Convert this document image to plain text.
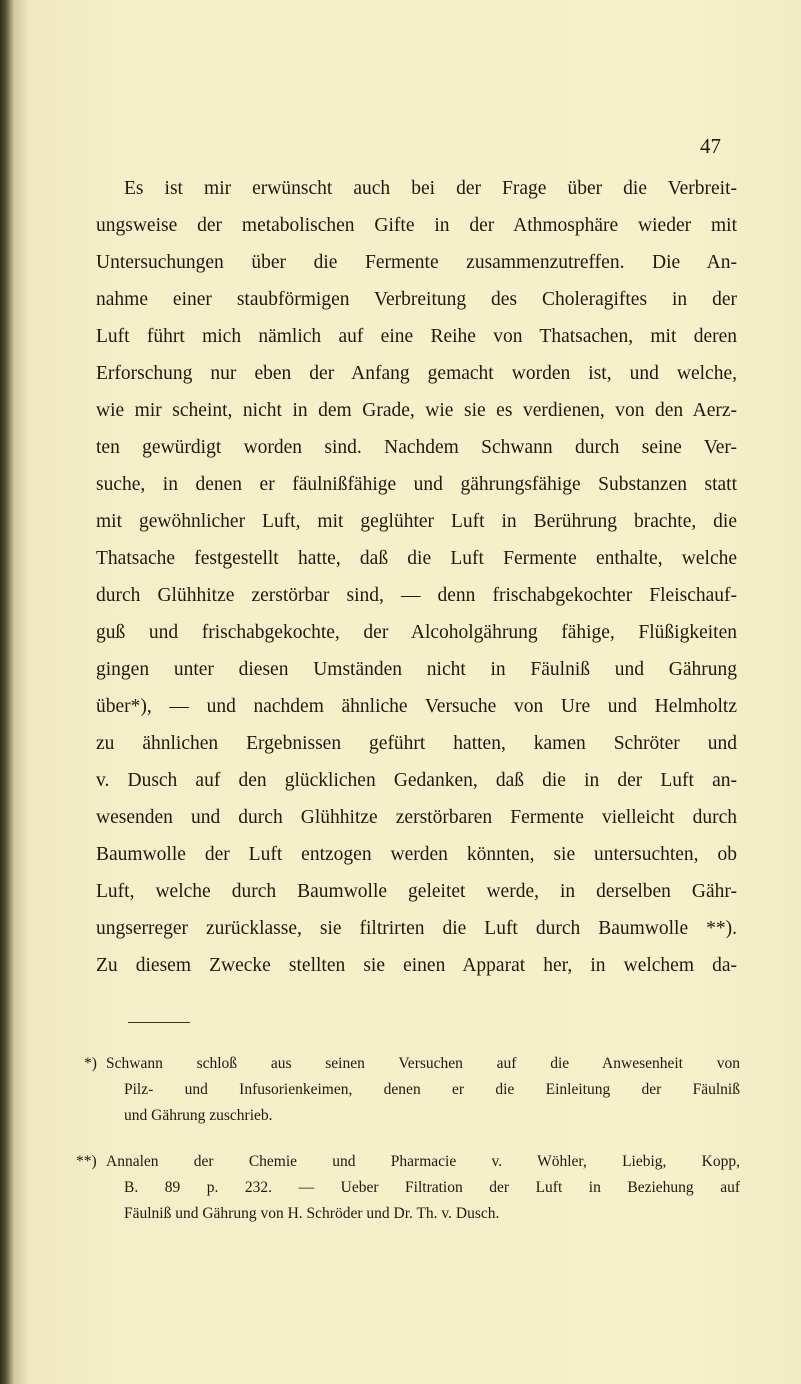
47
Es ist mir erwünscht auch bei der Frage über die Verbreit-
ungsweise der metabolischen Gifte in der Athmosphäre wieder mit
Untersuchungen über die Fermente zusammenzutreffen. Die An-
nahme einer staubförmigen Verbreitung des Choleragiftes in der
Luft führt mich nämlich auf eine Reihe von Thatsachen, mit deren
Erforschung nur eben der Anfang gemacht worden ist, und welche,
wie mir scheint, nicht in dem Grade, wie sie es verdienen, von den Aerz-
ten gewürdigt worden sind. Nachdem Schwann durch seine Ver-
suche, in denen er fäulnißfähige und gährungsfähige Substanzen statt
mit gewöhnlicher Luft, mit geglühter Luft in Berührung brachte, die
Thatsache festgestellt hatte, daß die Luft Fermente enthalte, welche
durch Glühhitze zerstörbar sind, — denn frischabgekochter Fleischauf-
guß und frischabgekochte, der Alcoholgährung fähige, Flüßigkeiten
gingen unter diesen Umständen nicht in Fäulniß und Gährung
über*), — und nachdem ähnliche Versuche von Ure und Helmholtz
zu ähnlichen Ergebnissen geführt hatten, kamen Schröter und
v. Dusch auf den glücklichen Gedanken, daß die in der Luft an-
wesenden und durch Glühhitze zerstörbaren Fermente vielleicht durch
Baumwolle der Luft entzogen werden könnten, sie untersuchten, ob
Luft, welche durch Baumwolle geleitet werde, in derselben Gähr-
ungserreger zurücklasse, sie filtrirten die Luft durch Baumwolle **).
Zu diesem Zwecke stellten sie einen Apparat her, in welchem da-
*) Schwann schloß aus seinen Versuchen auf die Anwesenheit von
Pilz- und Infusorienkeimen, denen er die Einleitung der Fäulniß
und Gährung zuschrieb.
**) Annalen der Chemie und Pharmacie v. Wöhler, Liebig, Kopp,
B. 89 p. 232. — Ueber Filtration der Luft in Beziehung auf
Fäulniß und Gährung von H. Schröder und Dr. Th. v. Dusch.
